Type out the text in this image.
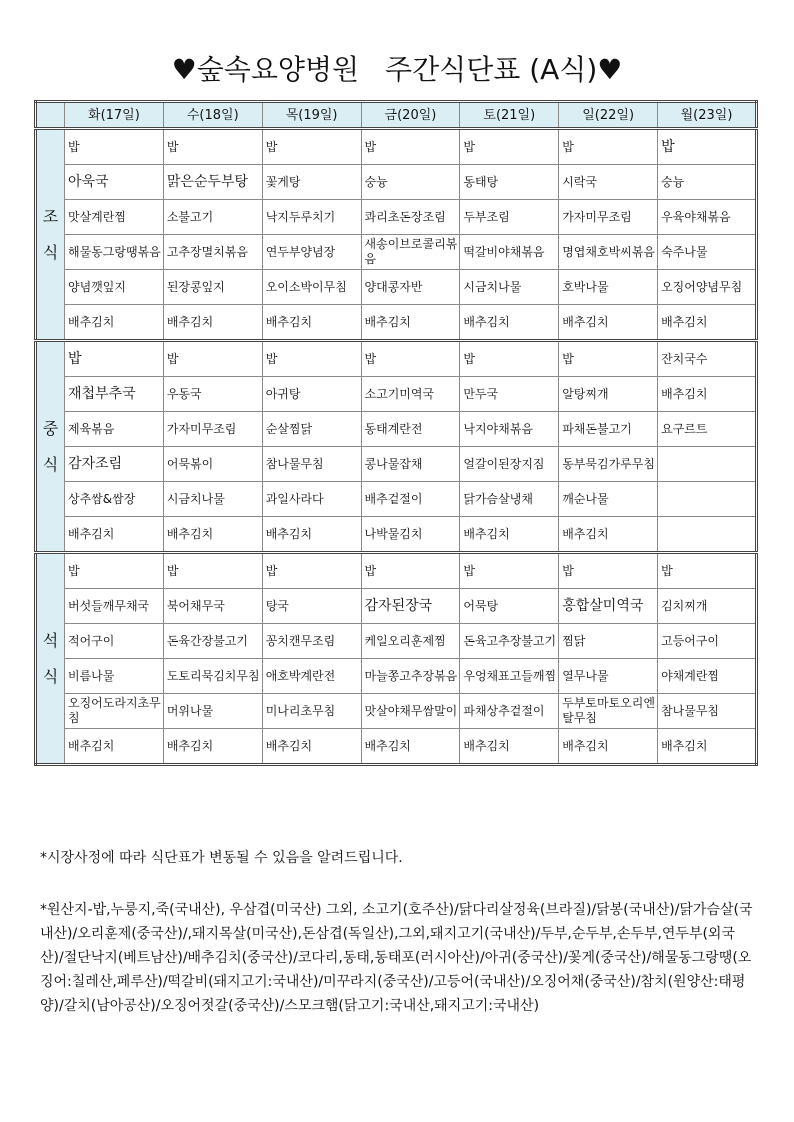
♥숲속요양병원 주간식단표 (A식)♥
	화(17일)	수(18일)	목(19일)	금(20일)	토(21일)	일(22일)	월(23일)
조
식	밥	밥	밥	밥	밥	밥	밥
	아욱국	맑은순두부탕	꽃게탕	숭늉	동태탕	시락국	숭늉
	맛살계란찜	소불고기	낙지두루치기	콰리초돈장조림	두부조림	가자미무조림	우육야채볶음
	해물동그랑땡볶음	고추장멸치볶음	연두부양념장	새송이브로콜리볶음	떡갈비야채볶음	명엽채호박씨볶음	숙주나물
	양념깻잎지	된장콩잎지	오이소박이무침	양대콩자반	시금치나물	호박나물	오징어양념무침
	배추김치	배추김치	배추김치	배추김치	배추김치	배추김치	배추김치
중
식	밥	밥	밥	밥	밥	밥	잔치국수
	재첩부추국	우동국	아귀탕	소고기미역국	만두국	알탕찌개	배추김치
	제육볶음	가자미무조림	순살찜닭	동태계란전	낙지야채볶음	파채돈불고기	요구르트
	감자조림	어묵볶이	참나물무침	콩나물잡채	얼갈이된장지짐	동부묵김가루무침	
	상추쌈&쌈장	시금치나물	과일사라다	배추겉절이	닭가슴살냉채	깨순나물	
	배추김치	배추김치	배추김치	나박물김치	배추김치	배추김치	
석
식	밥	밥	밥	밥	밥	밥	밥
	버섯들깨무채국	북어채무국	탕국	감자된장국	어묵탕	홍합살미역국	김치찌개
	적어구이	돈육간장불고기	꽁치캔무조림	케일오리훈제찜	돈육고추장불고기	찜닭	고등어구이
	비름나물	도토리묵김치무침	애호박계란전	마늘쫑고추장볶음	우엉채표고들깨찜	열무나물	야채계란찜
	오징어도라지초무침	머위나물	미나리초무침	맛살야채무쌈말이	파채상추겉절이	두부토마토오리엔탈무침	참나물무침
	배추김치	배추김치	배추김치	배추김치	배추김치	배추김치	배추김치
*시장사정에 따라 식단표가 변동될 수 있음을 알려드립니다.
*원산지-밥,누룽지,죽(국내산), 우삼겹(미국산) 그외, 소고기(호주산)/닭다리살정육(브라질)/닭봉(국내산)/닭가슴살(국내산)/오리훈제(중국산)/,돼지목살(미국산),돈삼겹(독일산),그외,돼지고기(국내산)/두부,순두부,손두부,연두부(외국산)/절단낙지(베트남산)/배추김치(중국산)/코다리,동태,동태포(러시아산)/아귀(중국산)/꽃게(중국산)/해물동그랑땡(오징어:칠레산,페루산)/떡갈비(돼지고기:국내산)/미꾸라지(중국산)/고등어(국내산)/오징어채(중국산)/참치(원양산:태평양)/갈치(남아공산)/오징어젓갈(중국산)/스모크햄(닭고기:국내산,돼지고기:국내산)
